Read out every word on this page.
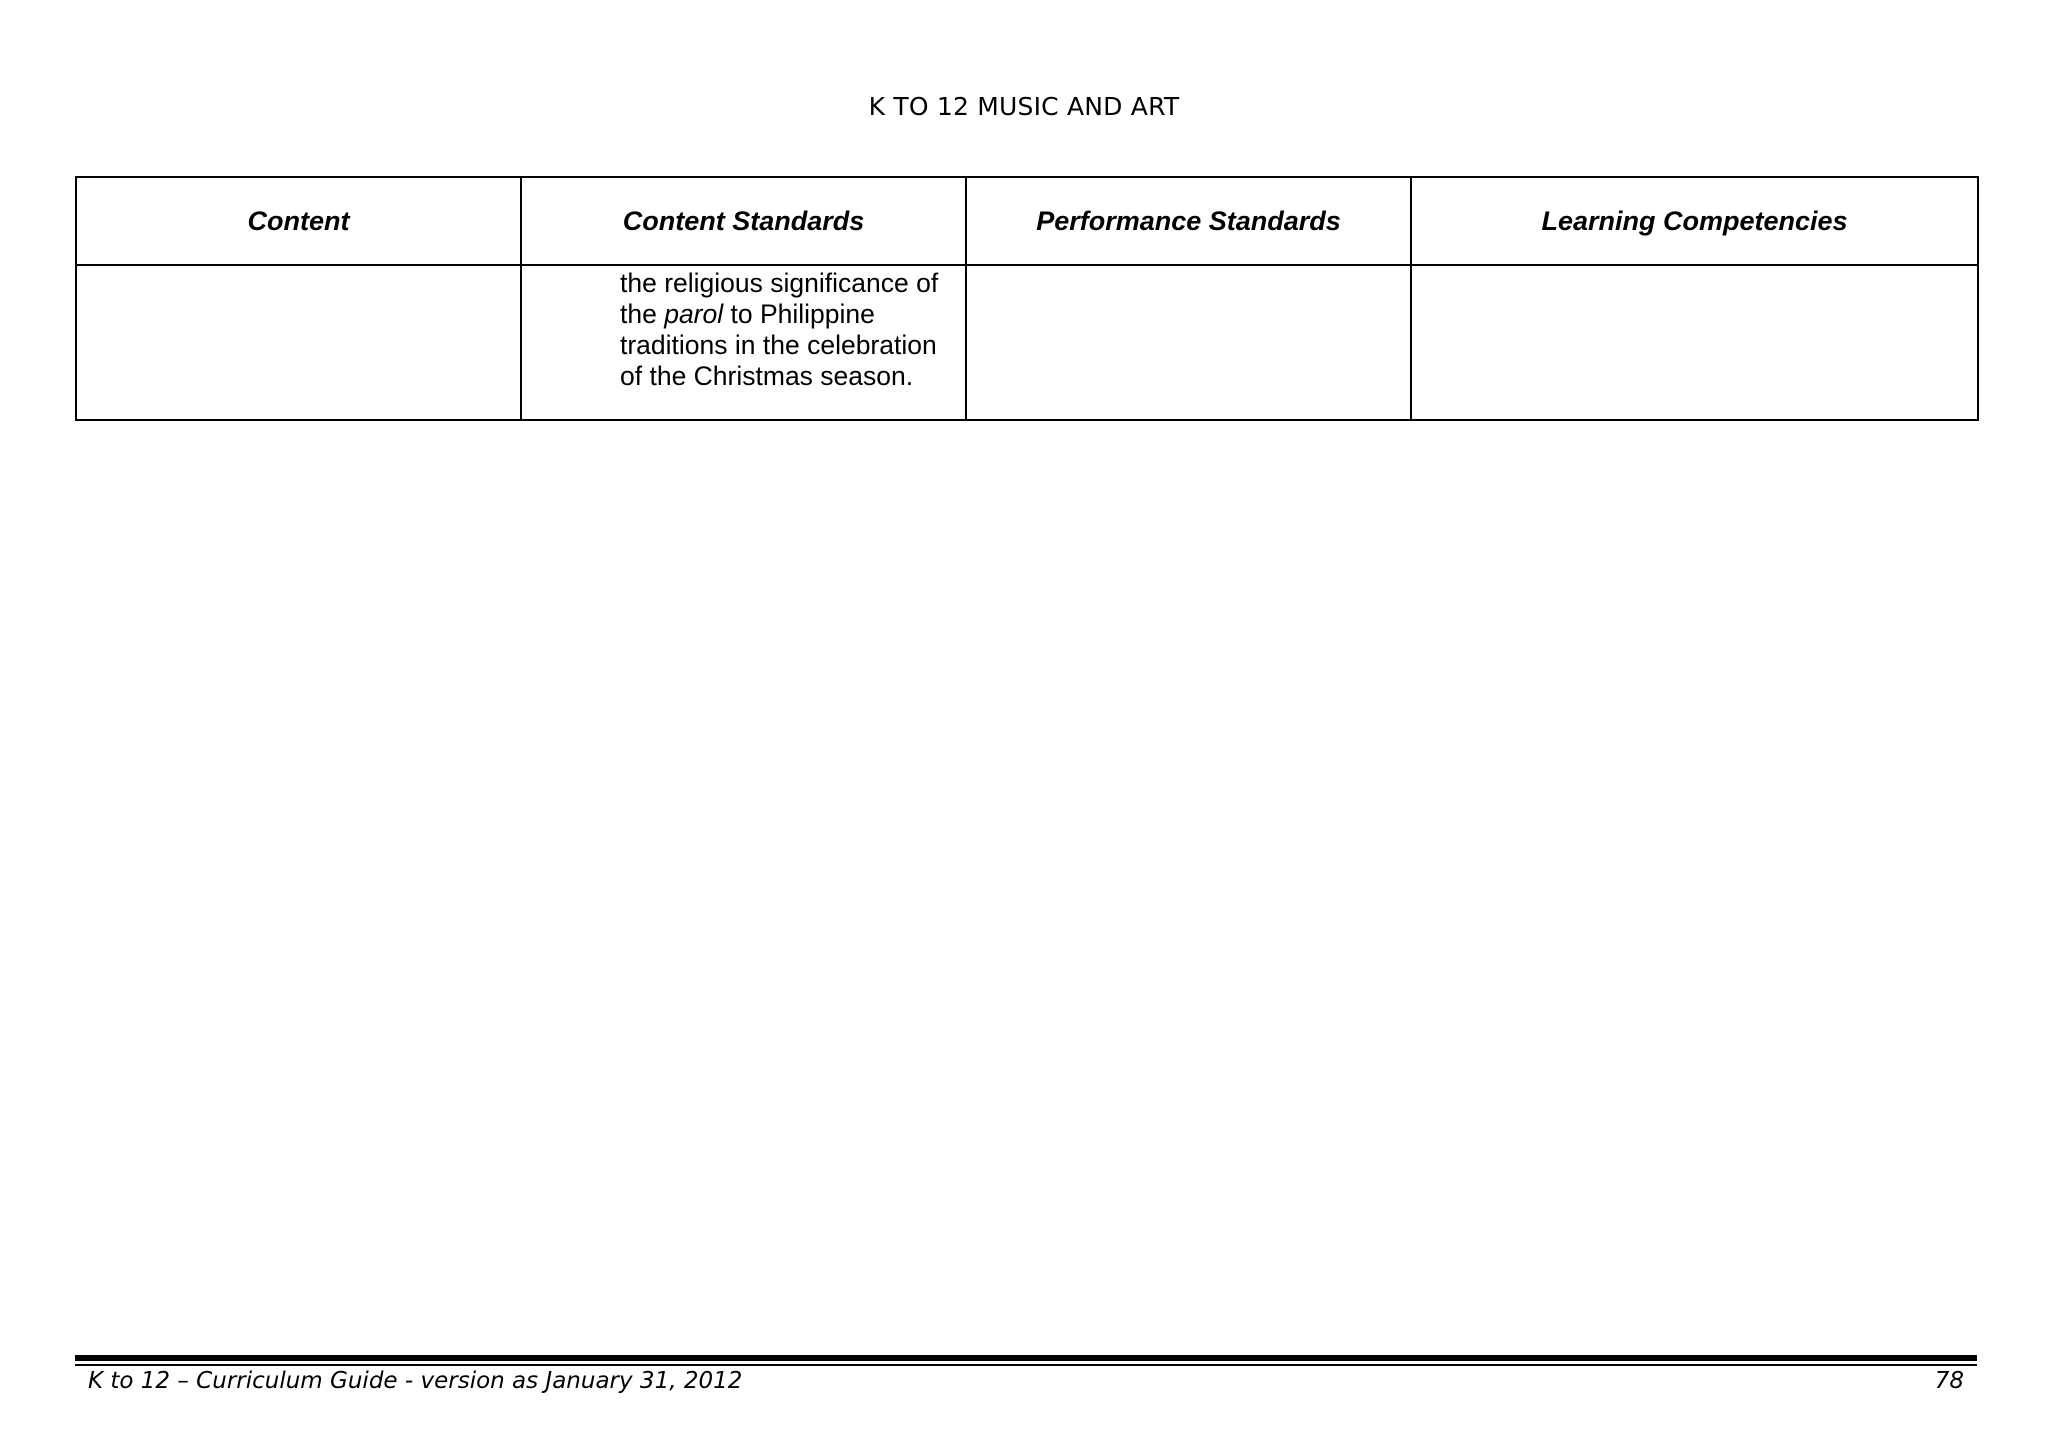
K TO 12 MUSIC AND ART
Content	Content Standards	Performance Standards	Learning Competencies

	the religious significance of
the parol to Philippine
traditions in the celebration
of the Christmas season.		

K to 12 – Curriculum Guide - version as January 31, 2012	78
